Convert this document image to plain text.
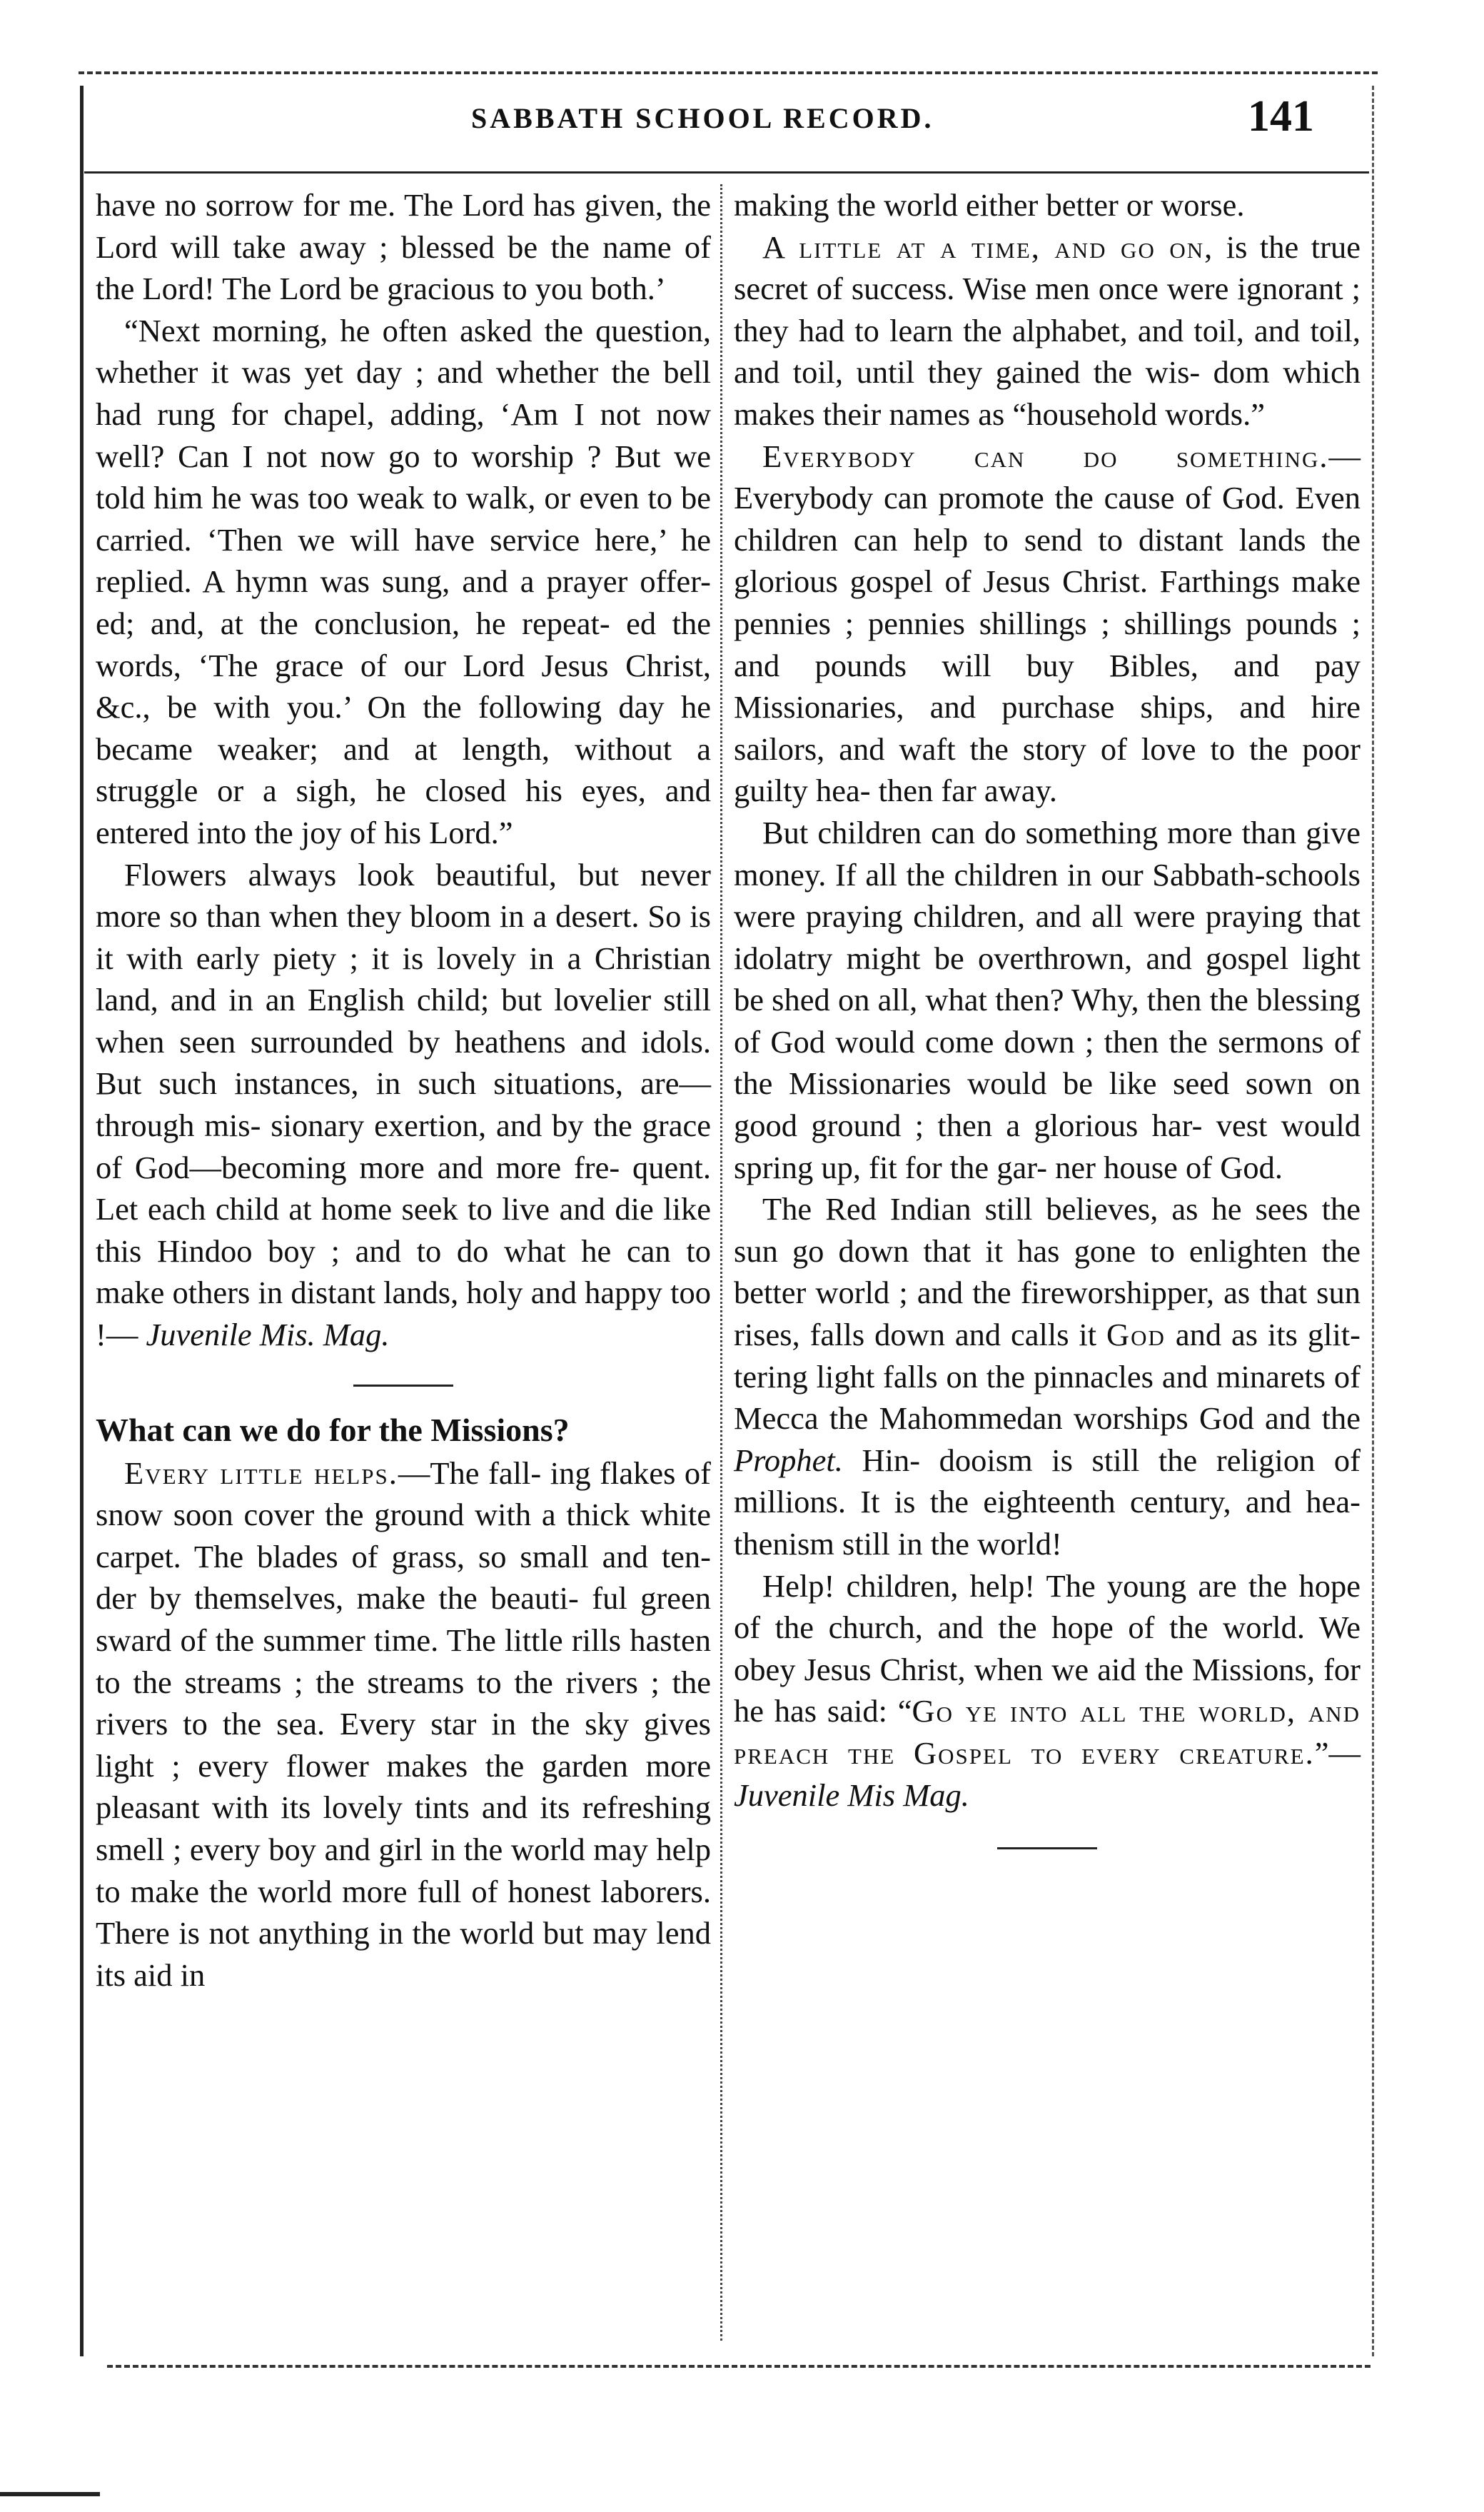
SABBATH SCHOOL RECORD.	141

have no sorrow for me. The Lord has given, the Lord will take away ; blessed be the name of the Lord! The Lord be gracious to you both.’

“Next morning, he often asked the question, whether it was yet day ; and whether the bell had rung for chapel, adding, ‘Am I not now well? Can I not now go to worship ? But we told him he was too weak to walk, or even to be carried. ‘Then we will have service here,’ he replied. A hymn was sung, and a prayer offer- ed; and, at the conclusion, he repeat- ed the words, ‘The grace of our Lord Jesus Christ, &c., be with you.’ On the following day he became weaker; and at length, without a struggle or a sigh, he closed his eyes, and entered into the joy of his Lord.”

Flowers always look beautiful, but never more so than when they bloom in a desert. So is it with early piety ; it is lovely in a Christian land, and in an English child; but lovelier still when seen surrounded by heathens and idols. But such instances, in such situations, are—through mis- sionary exertion, and by the grace of God—becoming more and more fre- quent. Let each child at home seek to live and die like this Hindoo boy ; and to do what he can to make others in distant lands, holy and happy too !— Juvenile Mis. Mag.

What can we do for the Missions?

Every little helps.—The fall- ing flakes of snow soon cover the ground with a thick white carpet. The blades of grass, so small and ten- der by themselves, make the beauti- ful green sward of the summer time. The little rills hasten to the streams ; the streams to the rivers ; the rivers to the sea. Every star in the sky gives light ; every flower makes the garden more pleasant with its lovely tints and its refreshing smell ; every boy and girl in the world may help to make the world more full of honest laborers. There is not anything in the world but may lend its aid in

making the world either better or worse.

A little at a time, and go on, is the true secret of success. Wise men once were ignorant ; they had to learn the alphabet, and toil, and toil, and toil, until they gained the wis- dom which makes their names as “household words.”

Everybody can do something.— Everybody can promote the cause of God. Even children can help to send to distant lands the glorious gospel of Jesus Christ. Farthings make pennies ; pennies shillings ; shillings pounds ; and pounds will buy Bibles, and pay Missionaries, and purchase ships, and hire sailors, and waft the story of love to the poor guilty hea- then far away.

But children can do something more than give money. If all the children in our Sabbath-schools were praying children, and all were praying that idolatry might be overthrown, and gospel light be shed on all, what then? Why, then the blessing of God would come down ; then the sermons of the Missionaries would be like seed sown on good ground ; then a glorious har- vest would spring up, fit for the gar- ner house of God.

The Red Indian still believes, as he sees the sun go down that it has gone to enlighten the better world ; and the fireworshipper, as that sun rises, falls down and calls it God and as its glit- tering light falls on the pinnacles and minarets of Mecca the Mahommedan worships God and the Prophet. Hin- dooism is still the religion of millions. It is the eighteenth century, and hea- thenism still in the world!

Help! children, help! The young are the hope of the church, and the hope of the world. We obey Jesus Christ, when we aid the Missions, for he has said: “Go ye into all the world, and preach the Gospel to every creature.”—Juvenile Mis Mag.
